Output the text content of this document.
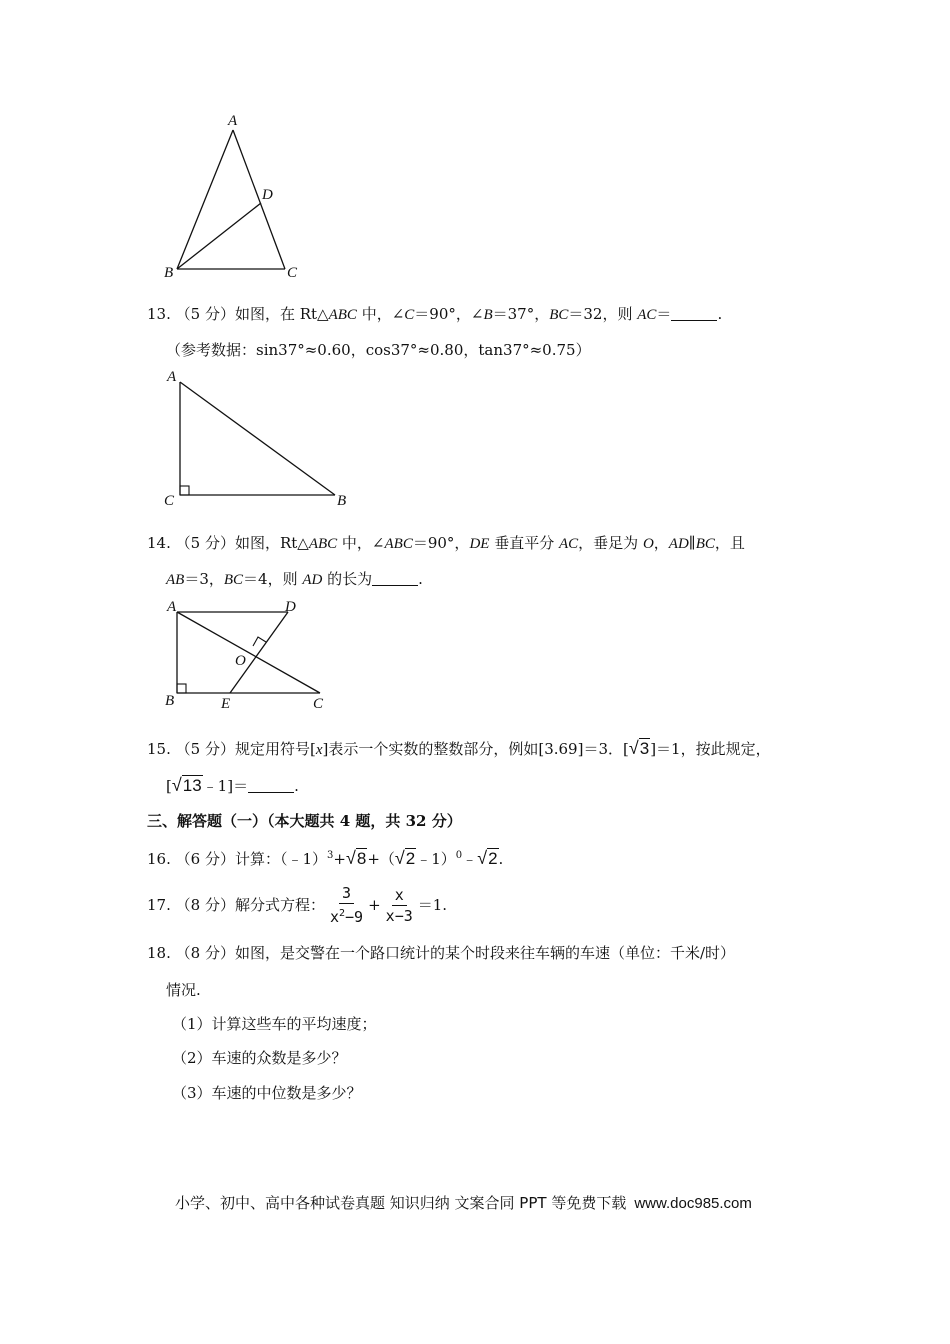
A
B	C
D
13. （5 分）如图，在 Rt△ABC 中，∠C＝90°，∠B＝37°，BC＝32，则 AC＝	.
（参考数据：sin37°≈0.60，cos37°≈0.80，tan37°≈0.75）
A
C	B
14. （5 分）如图，Rt△ABC 中，∠ABC＝90°，DE 垂直平分 AC，垂足为 O，AD∥BC，且
AB＝3，BC＝4，则 AD 的长为	.
A	D
O
B	E	C
15. （5 分）规定用符号[x]表示一个实数的整数部分，例如[3.69]＝3．[√3]＝1，按此规定，
[√13﹣1]＝	.
三、解答题（一）（本大题共 4 题，共 32 分）
16. （6 分）计算：（﹣1）$^3$+√8+（√2﹣1）$^0$﹣√2.
17.
（8 分） 解分式方程： $\frac{3}{x^2-9} + \frac{x}{x-3} =1$.
18. （8 分）如图，是交警在一个路口统计的某个时段来往车辆的车速（单位：千米/时）
情况.
（1）计算这些车的平均速度；
（2）车速的众数是多少？
（3）车速的中位数是多少？
小学、初中、高中各种试卷真题 知识归纳 文案合同 PPT 等免费下载 www.doc985.com
